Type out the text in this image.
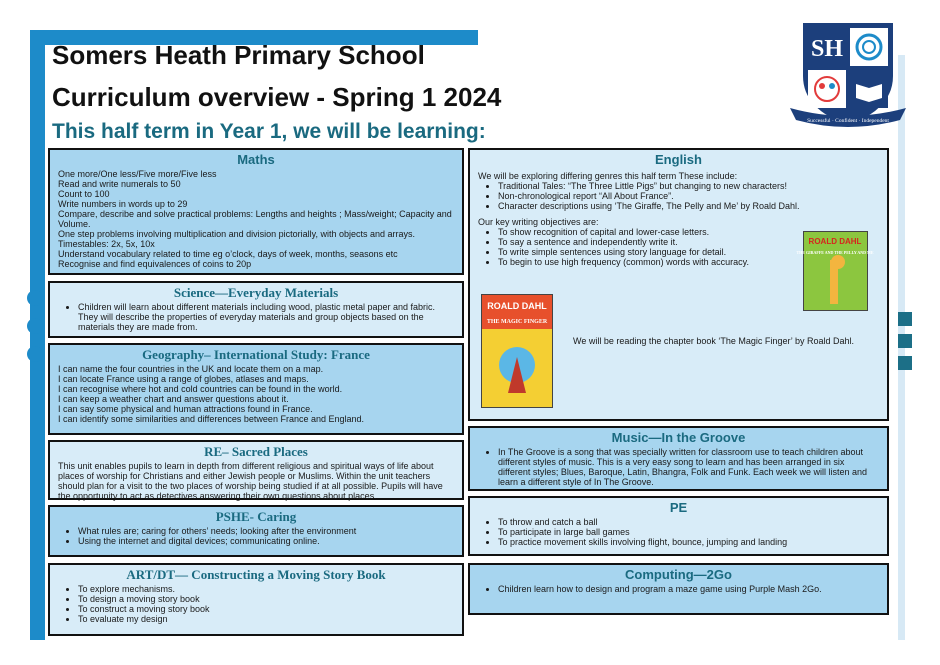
Somers Heath Primary School
Curriculum overview - Spring 1 2024
This half term in Year 1, we will be learning:
SH
Successful · Confident · Independent
Maths
One more/One less/Five more/Five less
Read and write numerals to 50
Count to 100
Write numbers in words up to 29
Compare, describe and solve practical problems: Lengths and heights ; Mass/weight; Capacity and Volume.
One step problems involving multiplication and division pictorially, with objects and arrays.
Timestables: 2x, 5x, 10x
Understand vocabulary related to time eg o’clock, days of week, months, seasons etc
Recognise and find equivalences of coins to 20p
Science—Everyday Materials
• Children will learn about different materials including wood, plastic metal paper and fabric. They will describe the properties of everyday materials and group objects based on the materials they are made from.
Geography– International Study: France
I can name the four countries in the UK and locate them on a map.
I can locate France using a range of globes, atlases and maps.
I can recognise where hot and cold countries can be found in the world.
I can keep a weather chart and answer questions about it.
I can say some physical and human attractions found in France.
I can identify some similarities and differences between France and England.
RE– Sacred Places
This unit enables pupils to learn in depth from different religious and spiritual ways of life about places of worship for Christians and either Jewish people or Muslims. Within the unit teachers should plan for a visit to the two places of worship being studied if at all possible. Pupils will have the opportunity to act as detectives answering their own questions about places.
PSHE- Caring
• What rules are; caring for others’ needs; looking after the environment
• Using the internet and digital devices; communicating online.
ART/DT— Constructing a Moving Story Book
• To explore mechanisms.
• To design a moving story book
• To construct a moving story book
• To evaluate my design
English
We will be exploring differing genres this half term These include:
• Traditional Tales: “The Three Little Pigs” but changing to new characters!
• Non-chronological report “All About France”.
• Character descriptions using ‘The Giraffe, The Pelly and Me’ by Roald Dahl.
Our key writing objectives are:
• To show recognition of capital and lower-case letters.
• To say a sentence and independently write it.
• To write simple sentences using story language for detail.
• To begin to use high frequency (common) words with accuracy.
We will be reading the chapter book ‘The Magic Finger’ by Roald Dahl.
ROALD DAHL
THE MAGIC FINGER
ROALD DAHL
THE GIRAFFE AND THE PELLY AND ME
Music—In the Groove
• In The Groove is a song that was specially written for classroom use to teach children about different styles of music. This is a very easy song to learn and has been arranged in six different styles; Blues, Baroque, Latin, Bhangra, Folk and Funk. Each week we will listen and learn a different style of In The Groove.
PE
• To throw and catch a ball
• To participate in large ball games
• To practice movement skills involving flight, bounce, jumping and landing
Computing—2Go
• Children learn how to design and program a maze game using Purple Mash 2Go.
